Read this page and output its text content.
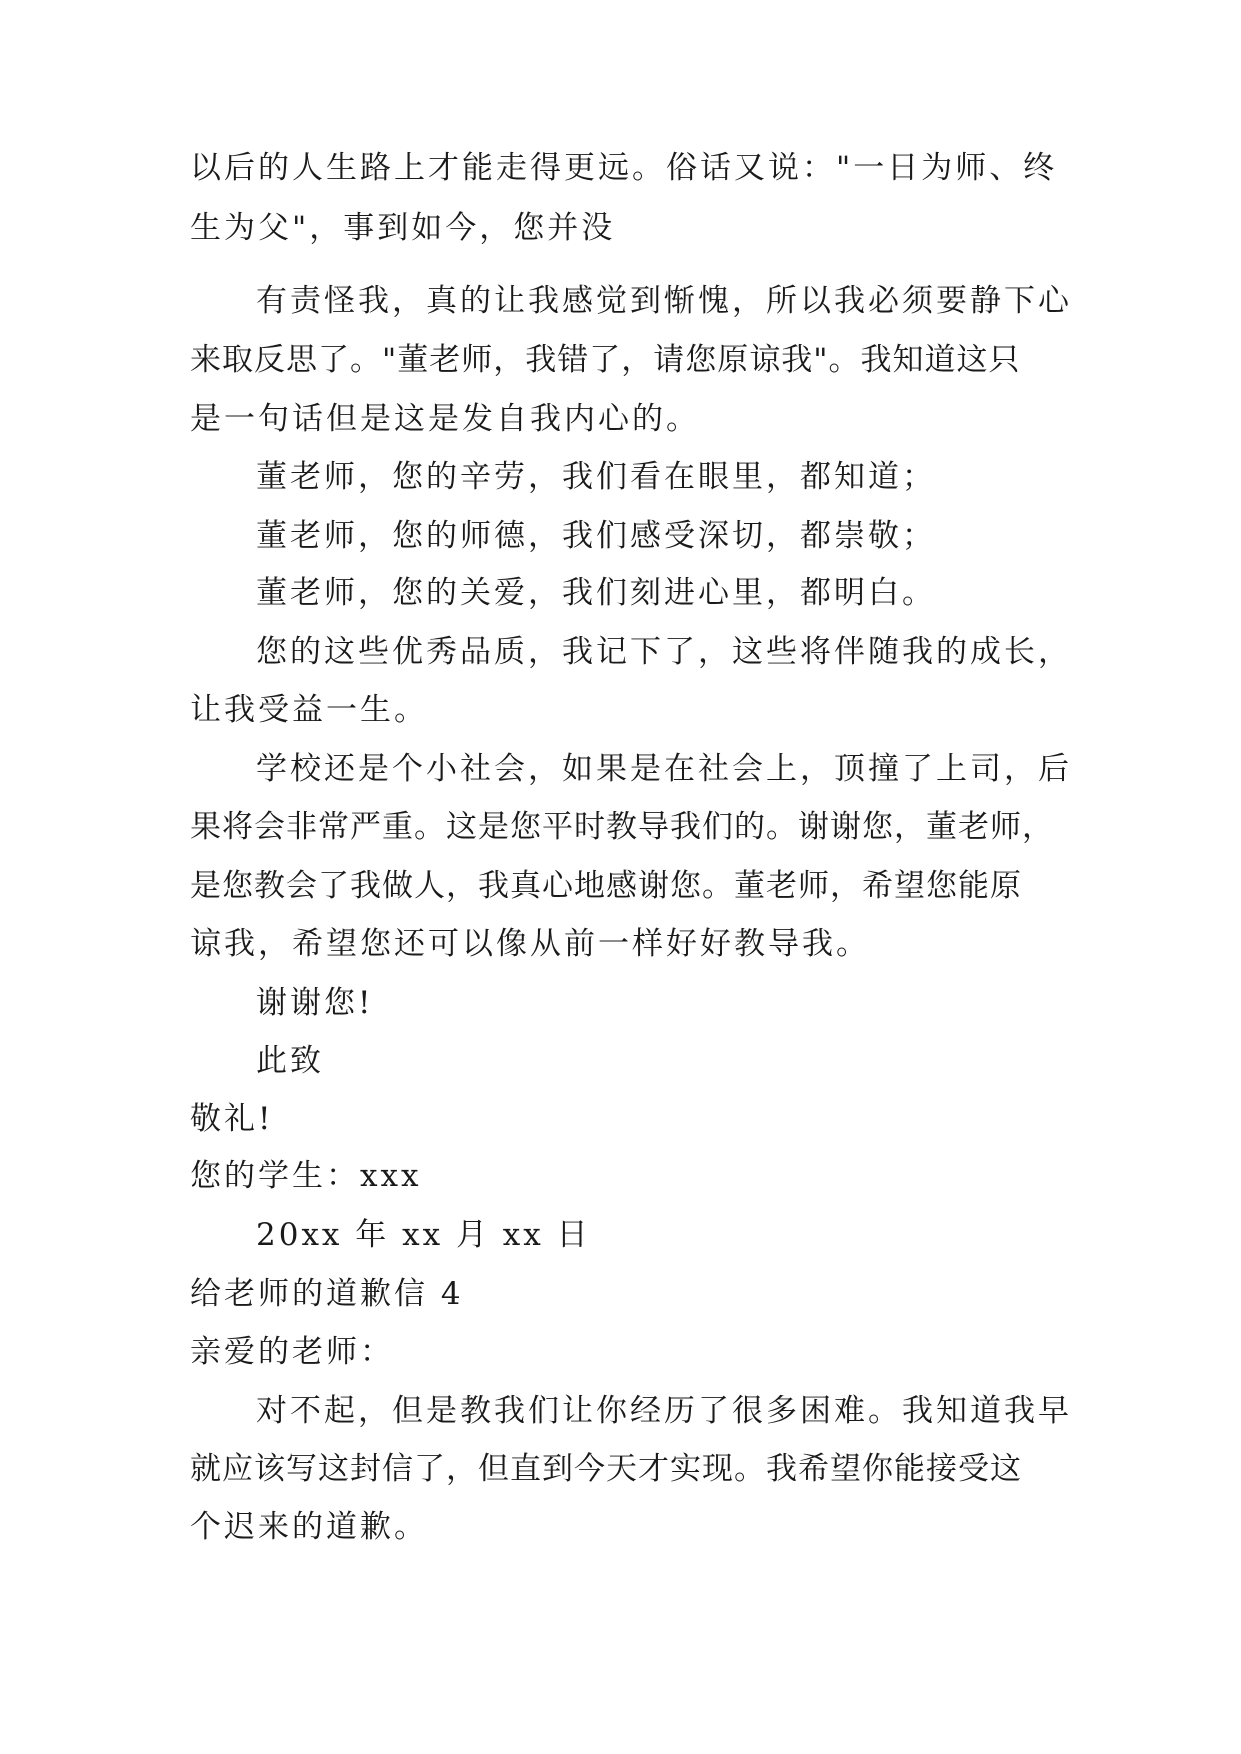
以后的人生路上才能走得更远。俗话又说："一日为师、终
生为父"，事到如今，您并没
有责怪我，真的让我感觉到惭愧，所以我必须要静下心
来取反思了。"董老师，我错了，请您原谅我"。我知道这只
是一句话但是这是发自我内心的。
董老师，您的辛劳，我们看在眼里，都知道；
董老师，您的师德，我们感受深切，都崇敬；
董老师，您的关爱，我们刻进心里，都明白。
您的这些优秀品质，我记下了，这些将伴随我的成长，
让我受益一生。
学校还是个小社会，如果是在社会上，顶撞了上司，后
果将会非常严重。这是您平时教导我们的。谢谢您，董老师，
是您教会了我做人，我真心地感谢您。董老师，希望您能原
谅我，希望您还可以像从前一样好好教导我。
谢谢您!
此致
敬礼!
您的学生：xxx
20xx 年 xx 月 xx 日
给老师的道歉信 4
亲爱的老师：
对不起，但是教我们让你经历了很多困难。我知道我早
就应该写这封信了，但直到今天才实现。我希望你能接受这
个迟来的道歉。
